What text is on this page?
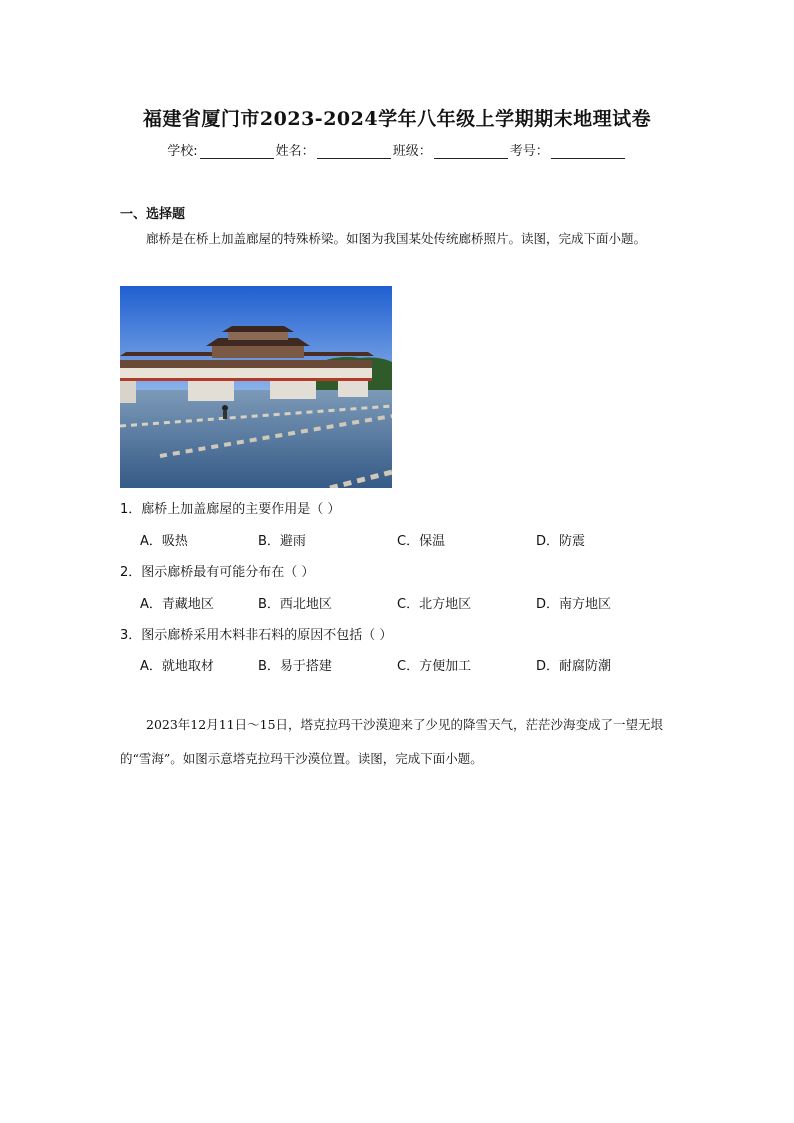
福建省厦门市2023-2024学年八年级上学期期末地理试卷
学校:	姓名：	班级：	考号：
一、选择题
廊桥是在桥上加盖廊屋的特殊桥梁。如图为我国某处传统廊桥照片。读图，完成下面小题。
1．廊桥上加盖廊屋的主要作用是（ ）
A．吸热	B．避雨	C．保温	D．防震
2．图示廊桥最有可能分布在（ ）
A．青藏地区	B．西北地区	C．北方地区	D．南方地区
3．图示廊桥采用木料非石料的原因不包括（ ）
A．就地取材	B．易于搭建	C．方便加工	D．耐腐防潮
2023年12月11日～15日，塔克拉玛干沙漠迎来了少见的降雪天气，茫茫沙海变成了一望无垠的“雪海”。如图示意塔克拉玛干沙漠位置。读图，完成下面小题。
